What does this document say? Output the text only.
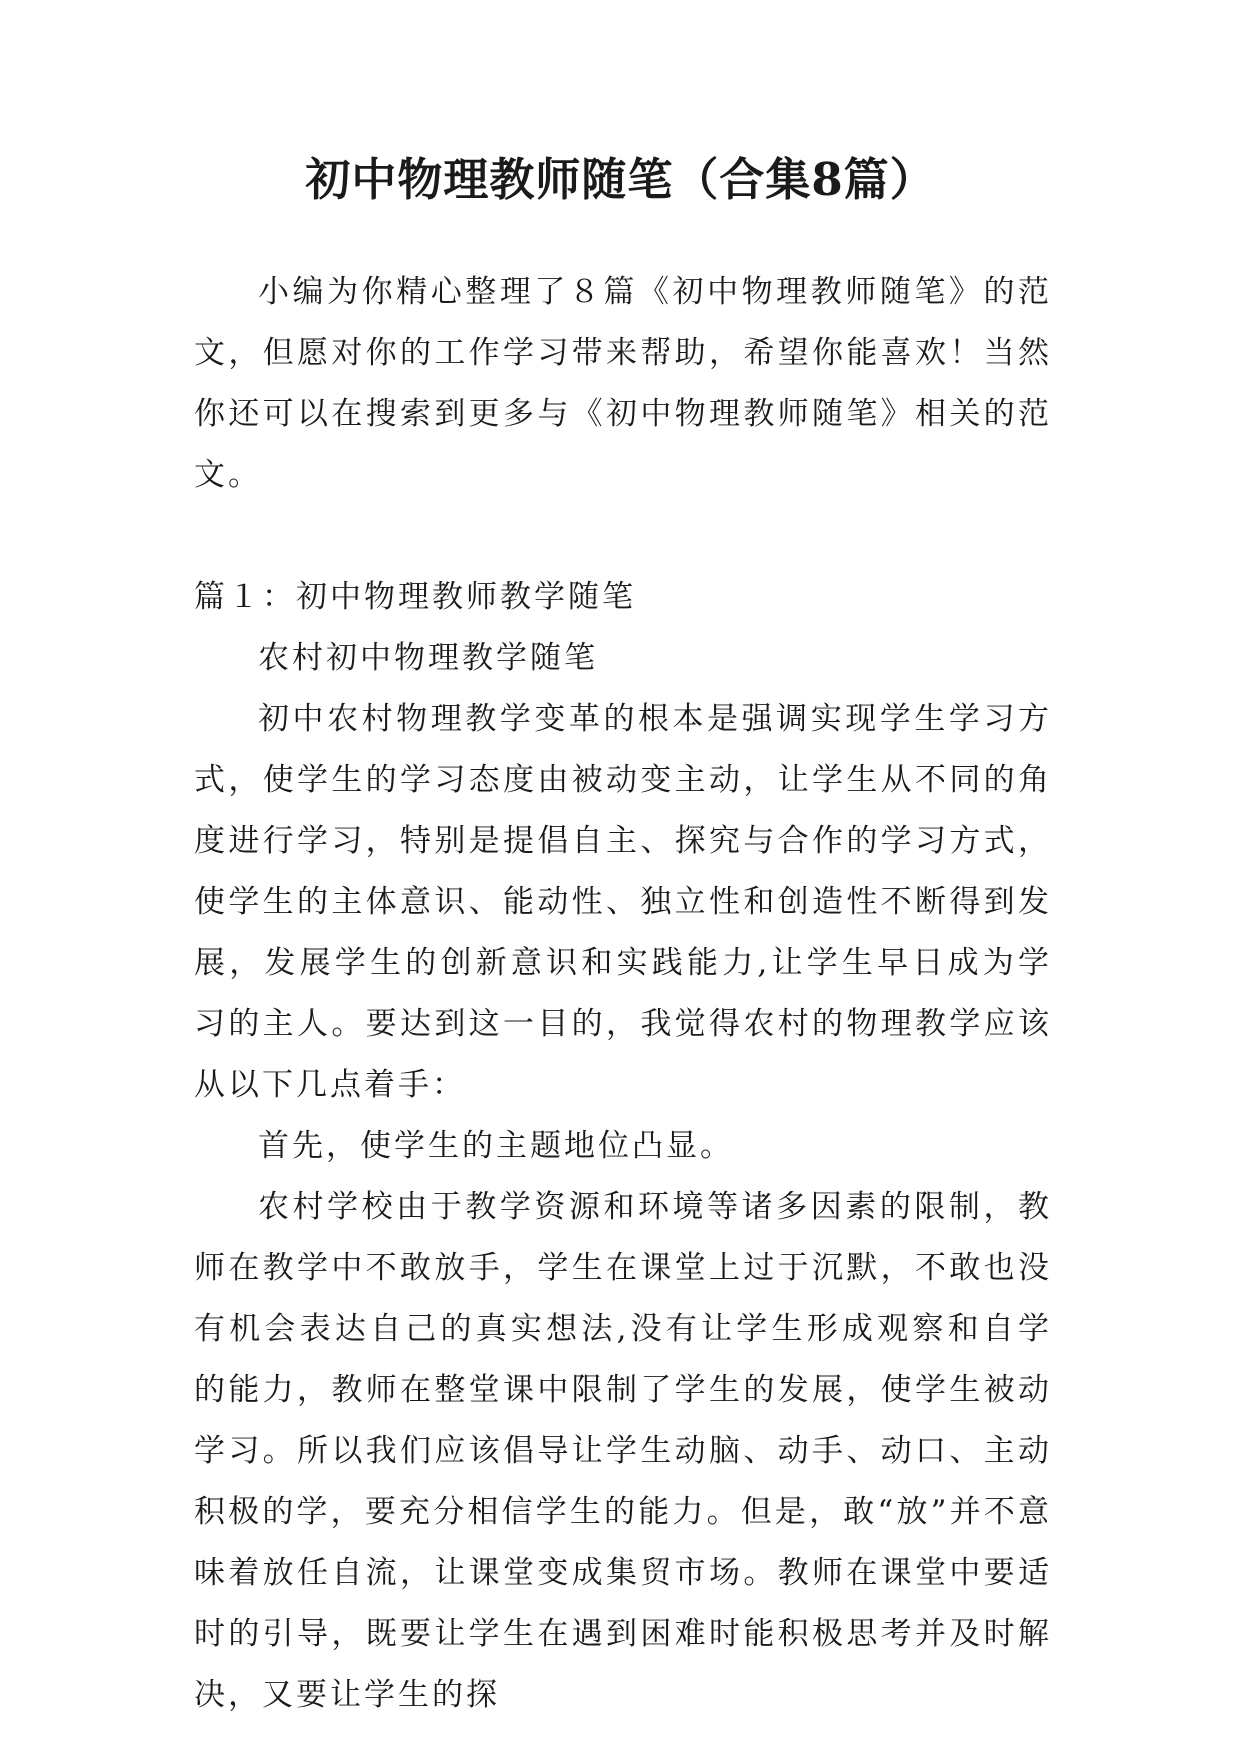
初中物理教师随笔（合集8篇）

小编为你精心整理了８篇《初中物理教师随笔》的范文，但愿对你的工作学习带来帮助，希望你能喜欢！当然你还可以在搜索到更多与《初中物理教师随笔》相关的范文。

篇１：初中物理教师教学随笔

农村初中物理教学随笔

初中农村物理教学变革的根本是强调实现学生学习方式，使学生的学习态度由被动变主动，让学生从不同的角度进行学习，特别是提倡自主、探究与合作的学习方式，使学生的主体意识、能动性、独立性和创造性不断得到发展，发展学生的创新意识和实践能力,让学生早日成为学习的主人。要达到这一目的，我觉得农村的物理教学应该从以下几点着手：

首先，使学生的主题地位凸显。

农村学校由于教学资源和环境等诸多因素的限制，教师在教学中不敢放手，学生在课堂上过于沉默，不敢也没有机会表达自己的真实想法,没有让学生形成观察和自学的能力，教师在整堂课中限制了学生的发展，使学生被动学习。所以我们应该倡导让学生动脑、动手、动口、主动积极的学，要充分相信学生的能力。但是，敢“放”并不意味着放任自流，让课堂变成集贸市场。教师在课堂中要适时的引导，既要让学生在遇到困难时能积极思考并及时解决，又要让学生的探
